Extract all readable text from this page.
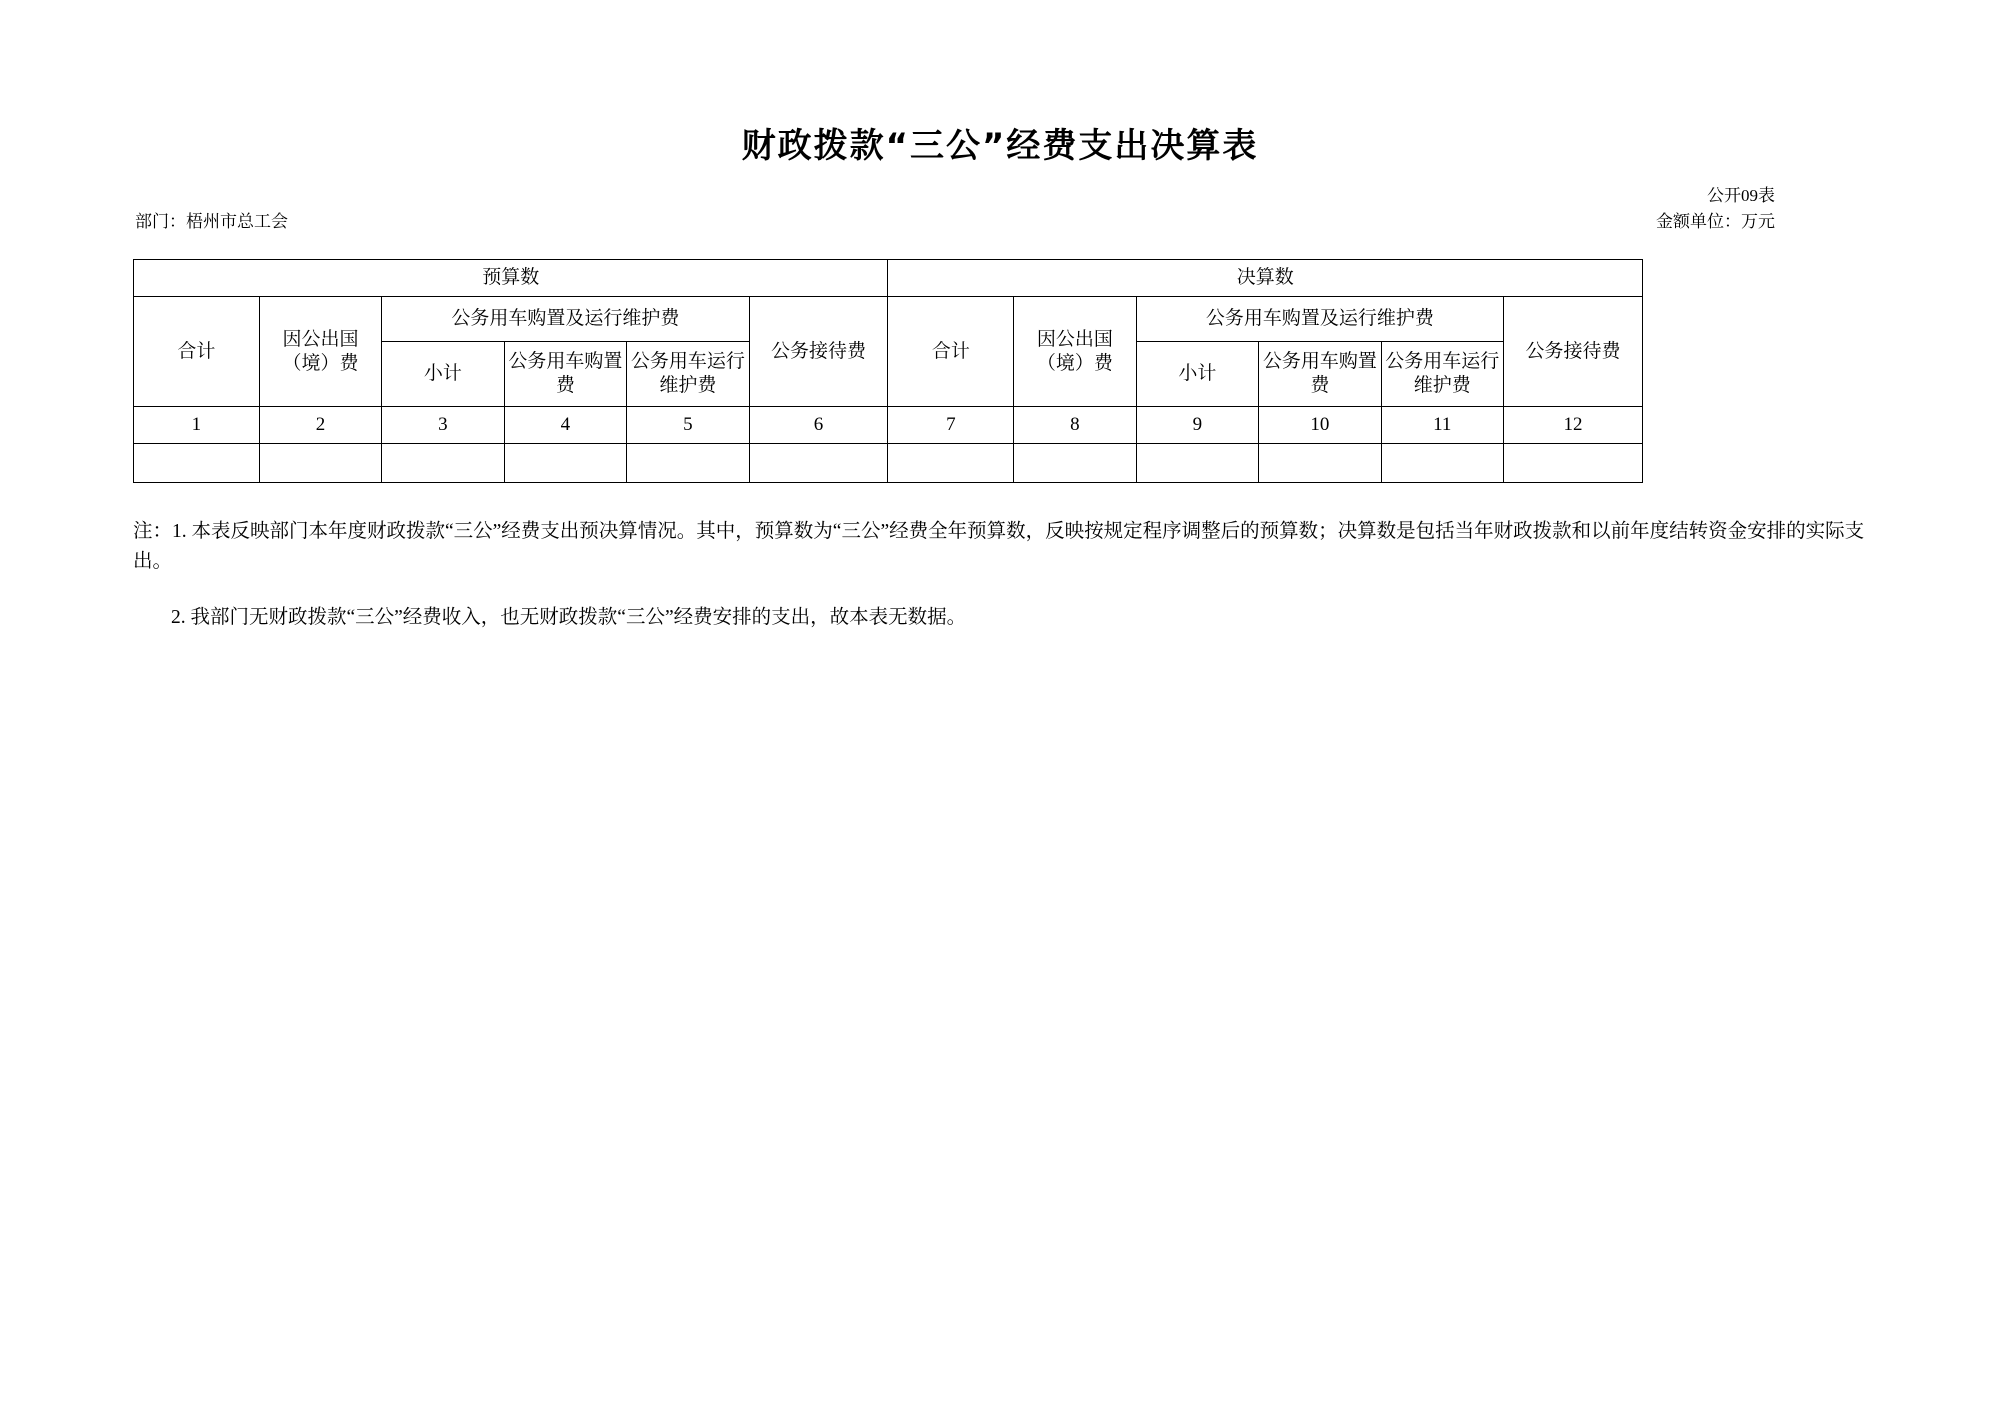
财政拨款“三公”经费支出决算表
公开09表
部门：梧州市总工会	金额单位：万元
预算数						决算数					
合计	因公出国（境）费	公务用车购置及运行维护费			公务接待费	合计	因公出国（境）费	公务用车购置及运行维护费			公务接待费
		小计	公务用车购置费	公务用车运行维护费				小计	公务用车购置费	公务用车运行维护费	
1	2	3	4	5	6	7	8	9	10	11	12

注：1. 本表反映部门本年度财政拨款“三公”经费支出预决算情况。其中，预算数为“三公”经费全年预算数，反映按规定程序调整后的预算数；决算数是包括当年财政拨款和以前年度结转资金安排的实际支出。
2. 我部门无财政拨款“三公”经费收入，也无财政拨款“三公”经费安排的支出，故本表无数据。
